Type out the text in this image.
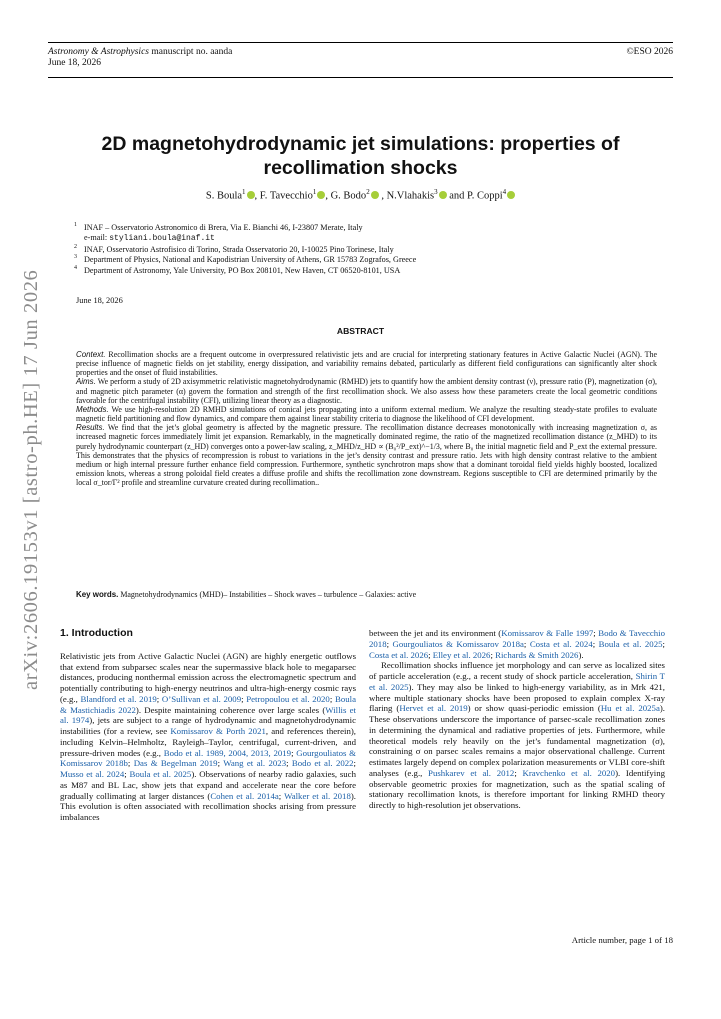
Astronomy & Astrophysics manuscript no. aanda
June 18, 2026
©ESO 2026
arXiv:2606.19153v1 [astro-ph.HE] 17 Jun 2026
2D magnetohydrodynamic jet simulations: properties of
recollimation shocks
S. Boula$^1$ , F. Tavecchio$^1$ , G. Bodo$^2$ , N.Vlahakis$^3$ and P. Coppi$^4$
1 INAF – Osservatorio Astronomico di Brera, Via E. Bianchi 46, I-23807 Merate, Italy
e-mail: styliani.boula@inaf.it
2 INAF, Osservatorio Astrofisico di Torino, Strada Osservatorio 20, I-10025 Pino Torinese, Italy
3 Department of Physics, National and Kapodistrian University of Athens, GR 15783 Zografos, Greece
4 Department of Astronomy, Yale University, PO Box 208101, New Haven, CT 06520-8101, USA
June 18, 2026
ABSTRACT

Context. Recollimation shocks are a frequent outcome in overpressured relativistic jets and are crucial for interpreting stationary features in Active Galactic Nuclei (AGN). The precise influence of magnetic fields on jet stability, energy dissipation, and variability remains debated, particularly as different field configurations can significantly alter shock properties and the onset of fluid instabilities.

Aims. We perform a study of 2D axisymmetric relativistic magnetohydrodynamic (RMHD) jets to quantify how the ambient density contrast (ν), pressure ratio (P), magnetization (σ), and magnetic pitch parameter (α) govern the formation and strength of the first recollimation shock. We also assess how these parameters create the local geometric conditions favorable for the centrifugal instability (CFI), utilizing linear theory as a diagnostic.

Methods. We use high-resolution 2D RMHD simulations of conical jets propagating into a uniform external medium. We analyze the resulting steady-state profiles to evaluate magnetic field partitioning and flow dynamics, and compare them against linear stability criteria to diagnose the likelihood of CFI development.

Results. We find that the jet’s global geometry is affected by the magnetic pressure. The recollimation distance decreases monotonically with increasing magnetization σ, as increased magnetic forces immediately limit jet expansion. Remarkably, in the magnetically dominated regime, the ratio of the magnetized recollimation distance (z_MHD) to its purely hydrodynamic counterpart (z_HD) converges onto a power-law scaling, z_MHD/z_HD ∝ (B₀²/P_ext)^−1/3, where B₀ the initial magnetic field and P_ext the external pressure. This demonstrates that the physics of recompression is robust to variations in the jet’s density contrast and pressure ratio. Jets with high density contrast relative to the ambient medium or high internal pressure further enhance field compression. Furthermore, synthetic synchrotron maps show that a dominant toroidal field yields highly boosted, localized emission knots, whereas a strong poloidal field creates a diffuse profile and shifts the recollimation zone downstream. Regions susceptible to CFI are determined primarily by the local σ_tor/Γ² profile and streamline curvature created during recollimation..

Key words. Magnetohydrodynamics (MHD)– Instabilities – Shock waves – turbulence – Galaxies: active
1. Introduction

Relativistic jets from Active Galactic Nuclei (AGN) are highly energetic outflows that extend from subparsec scales near the supermassive black hole to megaparsec distances, producing nonthermal emission across the electromagnetic spectrum and potentially contributing to high-energy neutrinos and ultra-high-energy cosmic rays (e.g., Blandford et al. 2019; O’Sullivan et al. 2009; Petropoulou et al. 2020; Boula & Mastichiadis 2022). Despite maintaining coherence over large scales (Willis et al. 1974), jets are subject to a range of hydrodynamic and magnetohydrodynamic instabilities (for a review, see Komissarov & Porth 2021, and references therein), including Kelvin–Helmholtz, Rayleigh–Taylor, centrifugal, current-driven, and pressure-driven modes (e.g., Bodo et al. 1989, 2004, 2013, 2019; Gourgouliatos & Komissarov 2018b; Das & Begelman 2019; Wang et al. 2023; Bodo et al. 2022; Musso et al. 2024; Boula et al. 2025). Observations of nearby radio galaxies, such as M87 and BL Lac, show jets that expand and accelerate near the core before gradually collimating at larger distances (Cohen et al. 2014a; Walker et al. 2018). This evolution is often associated with recollimation shocks arising from pressure imbalances

between the jet and its environment (Komissarov & Falle 1997; Bodo & Tavecchio 2018; Gourgouliatos & Komissarov 2018a; Costa et al. 2024; Boula et al. 2025; Costa et al. 2026; Elley et al. 2026; Richards & Smith 2026).

Recollimation shocks influence jet morphology and can serve as localized sites of particle acceleration (e.g., a recent study of shock particle acceleration, Shirin T et al. 2025). They may also be linked to high-energy variability, as in Mrk 421, where multiple stationary shocks have been proposed to explain complex X-ray flaring (Hervet et al. 2019) or show quasi-periodic emission (Hu et al. 2025a). These observations underscore the importance of parsec-scale recollimation zones in determining the dynamical and radiative properties of jets. Furthermore, while theoretical models rely heavily on the jet’s fundamental magnetization (σ), constraining σ on parsec scales remains a major observational challenge. Current estimates largely depend on complex polarization measurements or VLBI core-shift analyses (e.g., Pushkarev et al. 2012; Kravchenko et al. 2020). Identifying observable geometric proxies for magnetization, such as the spatial scaling of stationary recollimation knots, is therefore important for linking RMHD theory directly to high-resolution jet observations.

Article number, page 1 of 18
